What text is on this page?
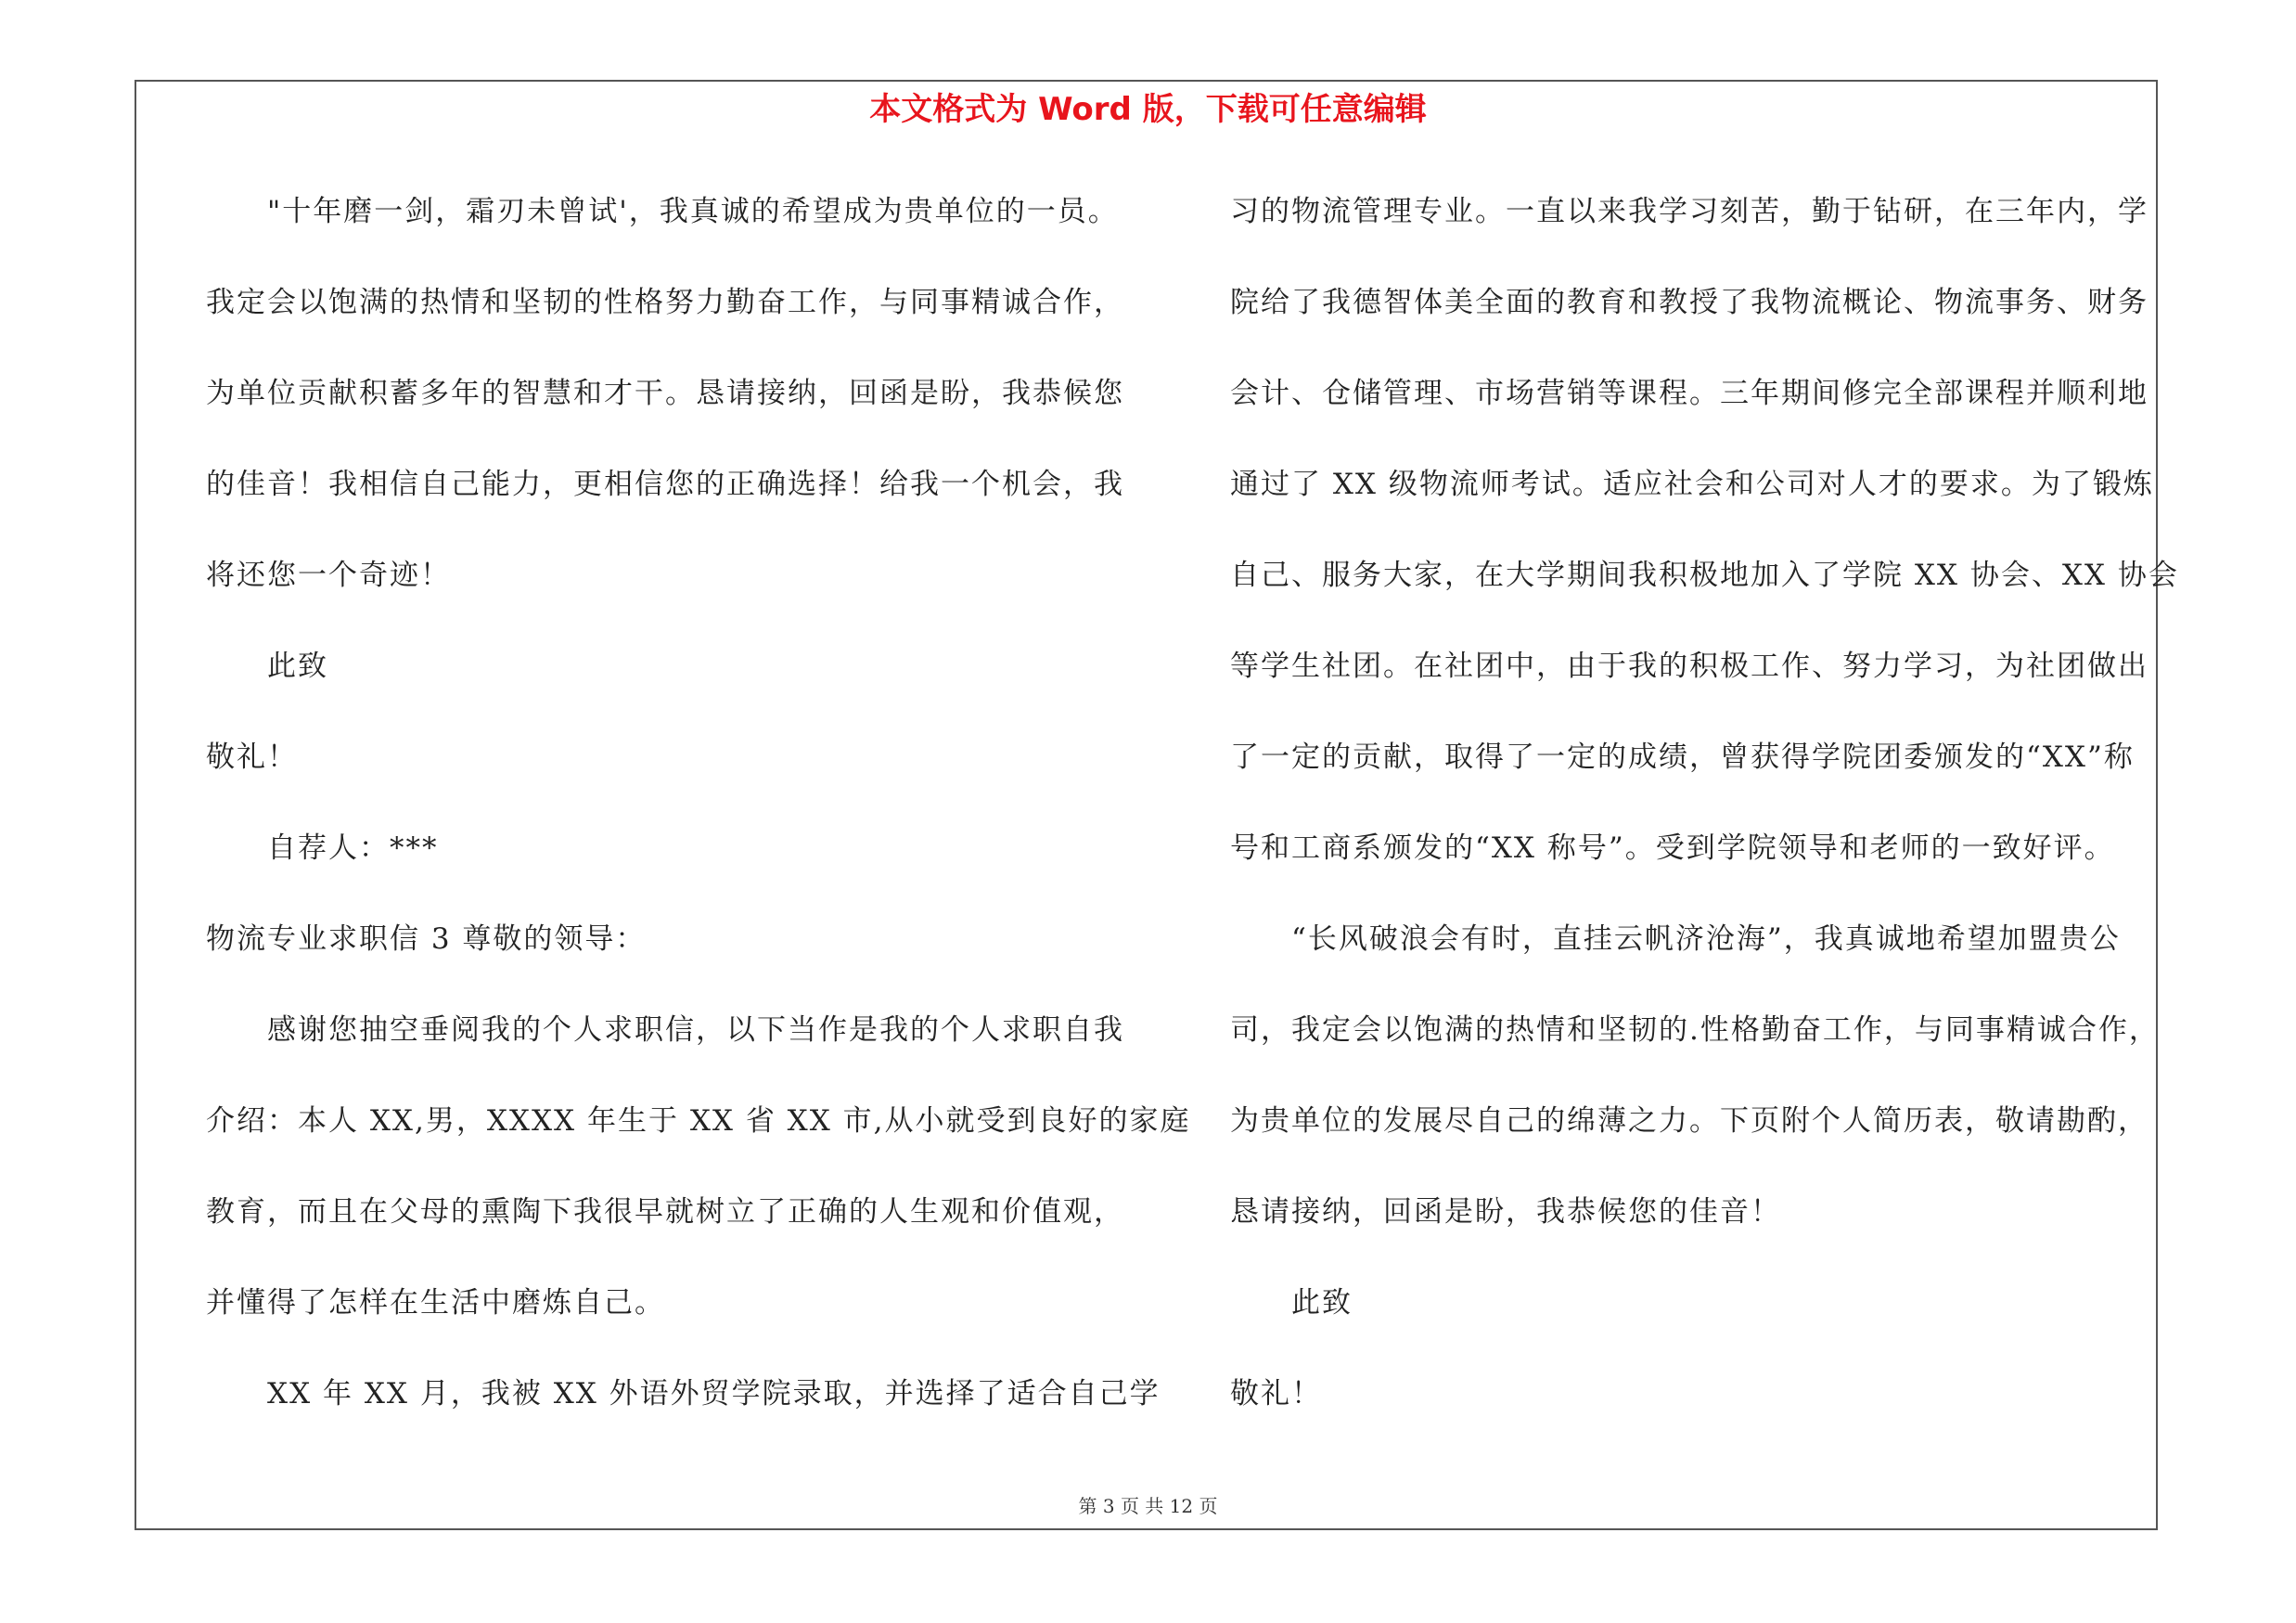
本文格式为 Word 版，下载可任意编辑
"十年磨一剑，霜刃未曾试'，我真诚的希望成为贵单位的一员。
我定会以饱满的热情和坚韧的性格努力勤奋工作，与同事精诚合作，
为单位贡献积蓄多年的智慧和才干。恳请接纳，回函是盼，我恭候您
的佳音！我相信自己能力，更相信您的正确选择！给我一个机会，我
将还您一个奇迹！
此致
敬礼！
自荐人：***
物流专业求职信 3 尊敬的领导：
感谢您抽空垂阅我的个人求职信，以下当作是我的个人求职自我
介绍：本人 XX,男，XXXX 年生于 XX 省 XX 市,从小就受到良好的家庭
教育，而且在父母的熏陶下我很早就树立了正确的人生观和价值观，
并懂得了怎样在生活中磨炼自己。
XX 年 XX 月，我被 XX 外语外贸学院录取，并选择了适合自己学
习的物流管理专业。一直以来我学习刻苦，勤于钻研，在三年内，学
院给了我德智体美全面的教育和教授了我物流概论、物流事务、财务
会计、仓储管理、市场营销等课程。三年期间修完全部课程并顺利地
通过了 XX 级物流师考试。适应社会和公司对人才的要求。为了锻炼
自己、服务大家，在大学期间我积极地加入了学院 XX 协会、XX 协会
等学生社团。在社团中，由于我的积极工作、努力学习，为社团做出
了一定的贡献，取得了一定的成绩，曾获得学院团委颁发的“XX”称
号和工商系颁发的“XX 称号”。受到学院领导和老师的一致好评。
“长风破浪会有时，直挂云帆济沧海”，我真诚地希望加盟贵公
司，我定会以饱满的热情和坚韧的.性格勤奋工作，与同事精诚合作，
为贵单位的发展尽自己的绵薄之力。下页附个人简历表，敬请勘酌，
恳请接纳，回函是盼，我恭候您的佳音！
此致
敬礼！
第 3 页 共 12 页
